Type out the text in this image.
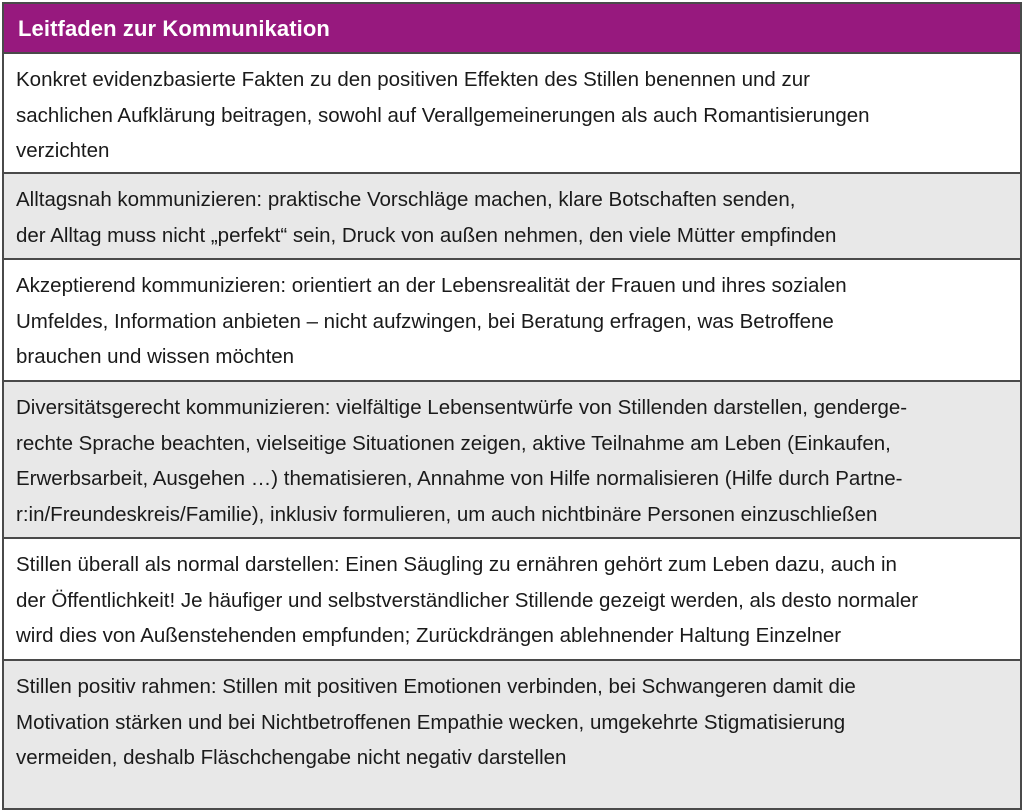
Leitfaden zur Kommunikation
Konkret evidenzbasierte Fakten zu den positiven Effekten des Stillen benennen und zur
sachlichen Aufklärung beitragen, sowohl auf Verallgemeinerungen als auch Romantisierungen
verzichten
Alltagsnah kommunizieren: praktische Vorschläge machen, klare Botschaften senden,
der Alltag muss nicht „perfekt“ sein, Druck von außen nehmen, den viele Mütter empfinden
Akzeptierend kommunizieren: orientiert an der Lebensrealität der Frauen und ihres sozialen
Umfeldes, Information anbieten – nicht aufzwingen, bei Beratung erfragen, was Betroffene
brauchen und wissen möchten
Diversitätsgerecht kommunizieren: vielfältige Lebensentwürfe von Stillenden darstellen, gendergе-
rechte Sprache beachten, vielseitige Situationen zeigen, aktive Teilnahme am Leben (Einkaufen,
Erwerbsarbeit, Ausgehen …) thematisieren, Annahme von Hilfe normalisieren (Hilfe durch Partne-
r:in/Freundeskreis/Familie), inklusiv formulieren, um auch nichtbinäre Personen einzuschließen
Stillen überall als normal darstellen: Einen Säugling zu ernähren gehört zum Leben dazu, auch in
der Öffentlichkeit! Je häufiger und selbstverständlicher Stillende gezeigt werden, als desto normaler
wird dies von Außenstehenden empfunden; Zurückdrängen ablehnender Haltung Einzelner
Stillen positiv rahmen: Stillen mit positiven Emotionen verbinden, bei Schwangeren damit die
Motivation stärken und bei Nichtbetroffenen Empathie wecken, umgekehrte Stigmatisierung
vermeiden, deshalb Fläschchengabe nicht negativ darstellen
